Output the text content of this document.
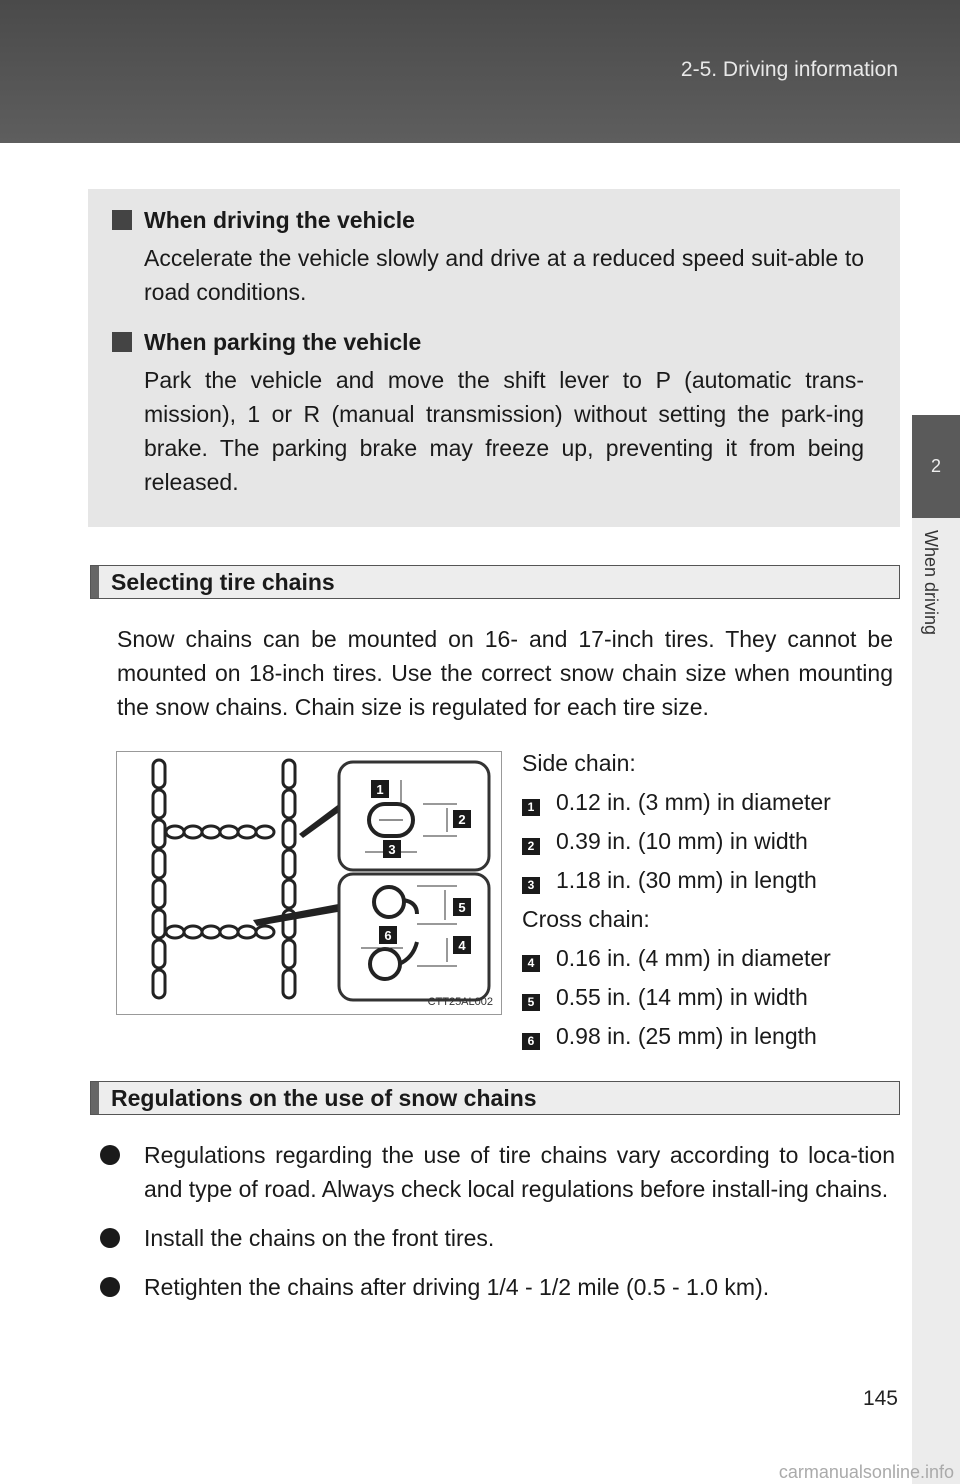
2-5. Driving information
2
When driving
When driving the vehicle
Accelerate the vehicle slowly and drive at a reduced speed suit-able to road conditions.
When parking the vehicle
Park the vehicle and move the shift lever to P (automatic trans-mission), 1 or R (manual transmission) without setting the park-ing brake. The parking brake may freeze up, preventing it from being released.
Selecting tire chains
Snow chains can be mounted on 16- and 17-inch tires. They cannot be mounted on 18-inch tires. Use the correct snow chain size when mounting the snow chains. Chain size is regulated for each tire size.
1
2
3
4
5
6
CTT25AL002
Side chain:
1 0.12 in. (3 mm) in diameter
2 0.39 in. (10 mm) in width
3 1.18 in. (30 mm) in length
Cross chain:
4 0.16 in. (4 mm) in diameter
5 0.55 in. (14 mm) in width
6 0.98 in. (25 mm) in length
Regulations on the use of snow chains
Regulations regarding the use of tire chains vary according to loca-tion and type of road. Always check local regulations before install-ing chains.
Install the chains on the front tires.
Retighten the chains after driving 1/4 - 1/2 mile (0.5 - 1.0 km).
145
carmanualsonline.info
